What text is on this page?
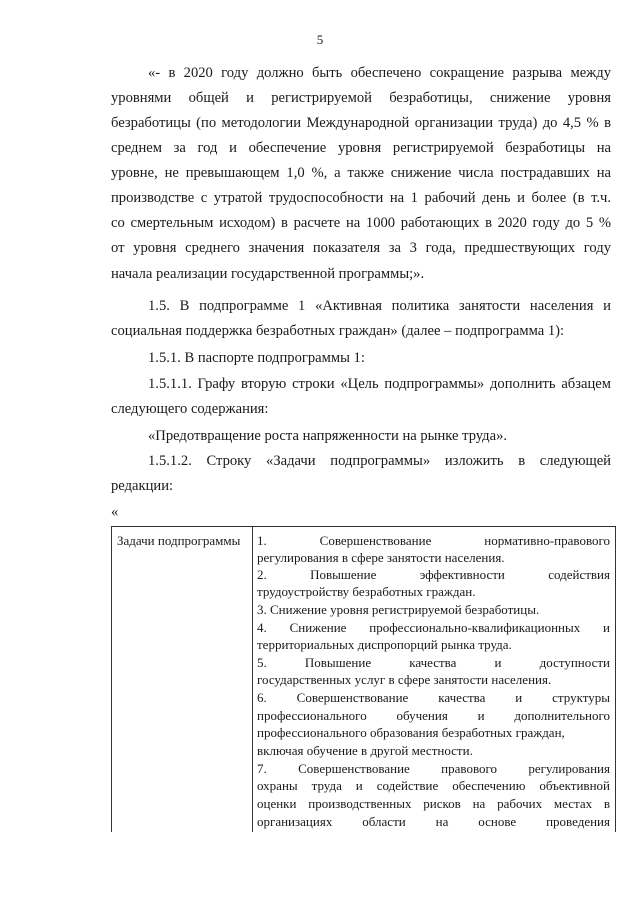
5
«- в 2020 году должно быть обеспечено сокращение разрыва между
уровнями общей и регистрируемой безработицы, снижение уровня
безработицы (по методологии Международной организации труда) до 4,5 % в
среднем за год и обеспечение уровня регистрируемой безработицы на
уровне, не превышающем 1,0 %, а также снижение числа пострадавших на
производстве с утратой трудоспособности на 1 рабочий день и более (в т.ч.
со смертельным исходом) в расчете на 1000 работающих в 2020 году до 5 %
от уровня среднего значения показателя за 3 года, предшествующих году
начала реализации государственной программы;».
1.5. В подпрограмме 1 «Активная политика занятости населения и
социальная поддержка безработных граждан» (далее – подпрограмма 1):
1.5.1. В паспорте подпрограммы 1:
1.5.1.1. Графу вторую строки «Цель подпрограммы» дополнить абзацем
следующего содержания:
«Предотвращение роста напряженности на рынке труда».
1.5.1.2. Строку «Задачи подпрограммы» изложить в следующей
редакции:
«
Задачи подпрограммы	1. Совершенствование нормативно-правового
регулирования в сфере занятости населения.
2. Повышение эффективности содействия
трудоустройству безработных граждан.
3. Снижение уровня регистрируемой безработицы.
4. Снижение профессионально-квалификационных и
территориальных диспропорций рынка труда.
5. Повышение качества и доступности
государственных услуг в сфере занятости населения.
6. Совершенствование качества и структуры
профессионального обучения и дополнительного
профессионального образования безработных граждан,
включая обучение в другой местности.
7. Совершенствование правового регулирования
охраны труда и содействие обеспечению объективной
оценки производственных рисков на рабочих местах в
организациях области на основе проведения
